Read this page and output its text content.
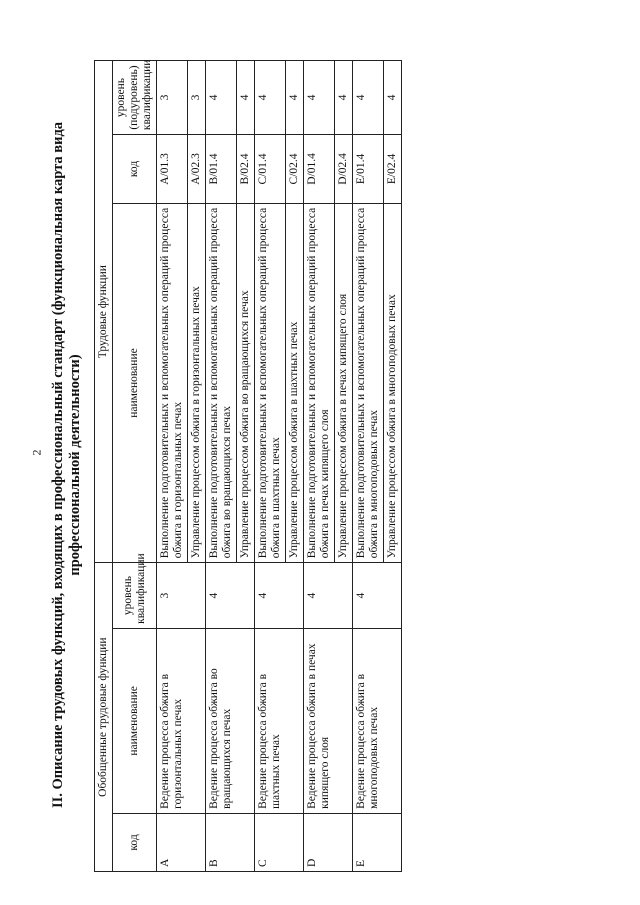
2 II. Описание трудовых функций, входящих в профессиональный стандарт (функциональная карта вида профессиональной деятельности)
Обобщенные трудовые функции			Трудовые функции		
код	наименование	уровень квалификации	наименование	код	уровень (подуровень) квалификации
A	Ведение процесса обжига в горизонтальных печах	3	Выполнение подготовительных и вспомогательных операций процесса обжига в горизонтальных печах	A/01.3	3
			Управление процессом обжига в горизонтальных печах	A/02.3	3
B	Ведение процесса обжига во вращающихся печах	4	Выполнение подготовительных и вспомогательных операций процесса обжига во вращающихся печах	B/01.4	4
			Управление процессом обжига во вращающихся печах	B/02.4	4
C	Ведение процесса обжига в шахтных печах	4	Выполнение подготовительных и вспомогательных операций процесса обжига в шахтных печах	C/01.4	4
			Управление процессом обжига в шахтных печах	C/02.4	4
D	Ведение процесса обжига в печах кипящего слоя	4	Выполнение подготовительных и вспомогательных операций процесса обжига в печах кипящего слоя	D/01.4	4
			Управление процессом обжига в печах кипящего слоя	D/02.4	4
E	Ведение процесса обжига в многоподовых печах	4	Выполнение подготовительных и вспомогательных операций процесса обжига в многоподовых печах	E/01.4	4
			Управление процессом обжига в многоподовых печах	E/02.4	4
